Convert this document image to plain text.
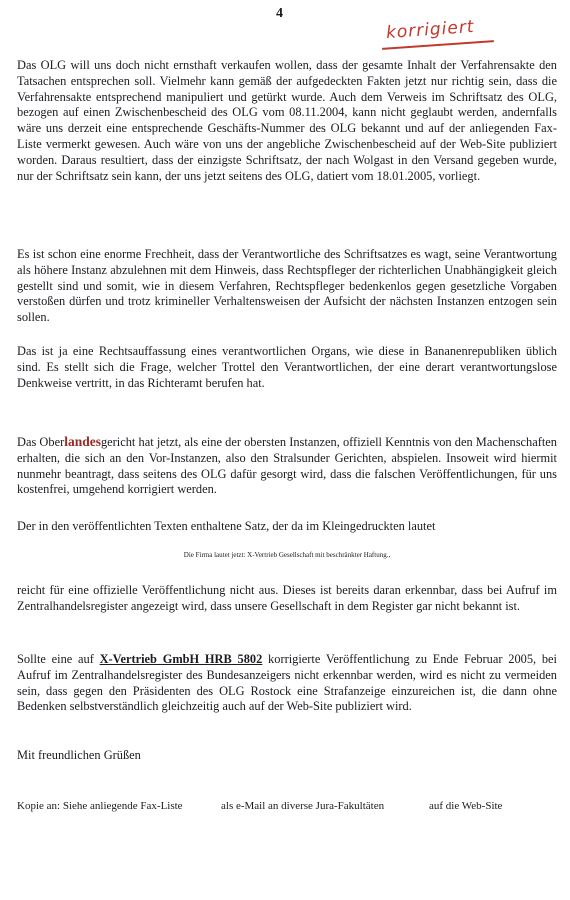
4
korrigiert

Das OLG will uns doch nicht ernsthaft verkaufen wollen, dass der gesamte Inhalt der Verfahrensakte den Tatsachen entsprechen soll. Vielmehr kann gemäß der aufgedeckten Fakten jetzt nur richtig sein, dass die Verfahrensakte entsprechend manipuliert und getürkt wurde. Auch dem Verweis im Schriftsatz des OLG, bezogen auf einen Zwischenbescheid des OLG vom 08.11.2004, kann nicht geglaubt werden, andernfalls wäre uns derzeit eine entsprechende Geschäfts-Nummer des OLG bekannt und auf der anliegenden Fax-Liste vermerkt gewesen. Auch wäre von uns der angebliche Zwischenbescheid auf der Web-Site publiziert worden. Daraus resultiert, dass der einzigste Schriftsatz, der nach Wolgast in den Versand gegeben wurde, nur der Schriftsatz sein kann, der uns jetzt seitens des OLG, datiert vom 18.01.2005, vorliegt.

Es ist schon eine enorme Frechheit, dass der Verantwortliche des Schriftsatzes es wagt, seine Verantwortung als höhere Instanz abzulehnen mit dem Hinweis, dass Rechtspfleger der richterlichen Unabhängigkeit gleich gestellt sind und somit, wie in diesem Verfahren, Rechtspfleger bedenkenlos gegen gesetzliche Vorgaben verstoßen dürfen und trotz krimineller Verhaltensweisen der Aufsicht der nächsten Instanzen entzogen sein sollen.

Das ist ja eine Rechtsauffassung eines verantwortlichen Organs, wie diese in Bananenrepubliken üblich sind. Es stellt sich die Frage, welcher Trottel den Verantwortlichen, der eine derart verantwortungslose Denkweise vertritt, in das Richteramt berufen hat.

Das Oberlandesgericht hat jetzt, als eine der obersten Instanzen, offiziell Kenntnis von den Machenschaften erhalten, die sich an den Vor-Instanzen, also den Stralsunder Gerichten, abspielen. Insoweit wird hiermit nunmehr beantragt, dass seitens des OLG dafür gesorgt wird, dass die falschen Veröffentlichungen, für uns kostenfrei, umgehend korrigiert werden.

Der in den veröffentlichten Texten enthaltene Satz, der da im Kleingedruckten lautet

Die Firma lautet jetzt: X-Vertrieb Gesellschaft mit beschränkter Haftung.,

reicht für eine offizielle Veröffentlichung nicht aus. Dieses ist bereits daran erkennbar, dass bei Aufruf im Zentralhandelsregister angezeigt wird, dass unsere Gesellschaft in dem Register gar nicht bekannt ist.

Sollte eine auf X-Vertrieb GmbH HRB 5802 korrigierte Veröffentlichung zu Ende Februar 2005, bei Aufruf im Zentralhandelsregister des Bundesanzeigers nicht erkennbar werden, wird es nicht zu vermeiden sein, dass gegen den Präsidenten des OLG Rostock eine Strafanzeige einzureichen ist, die dann ohne Bedenken selbstverständlich gleichzeitig auch auf der Web-Site publiziert wird.

Mit freundlichen Grüßen

Kopie an: Siehe anliegende Fax-Liste	als e-Mail an diverse Jura-Fakultäten	auf die Web-Site
